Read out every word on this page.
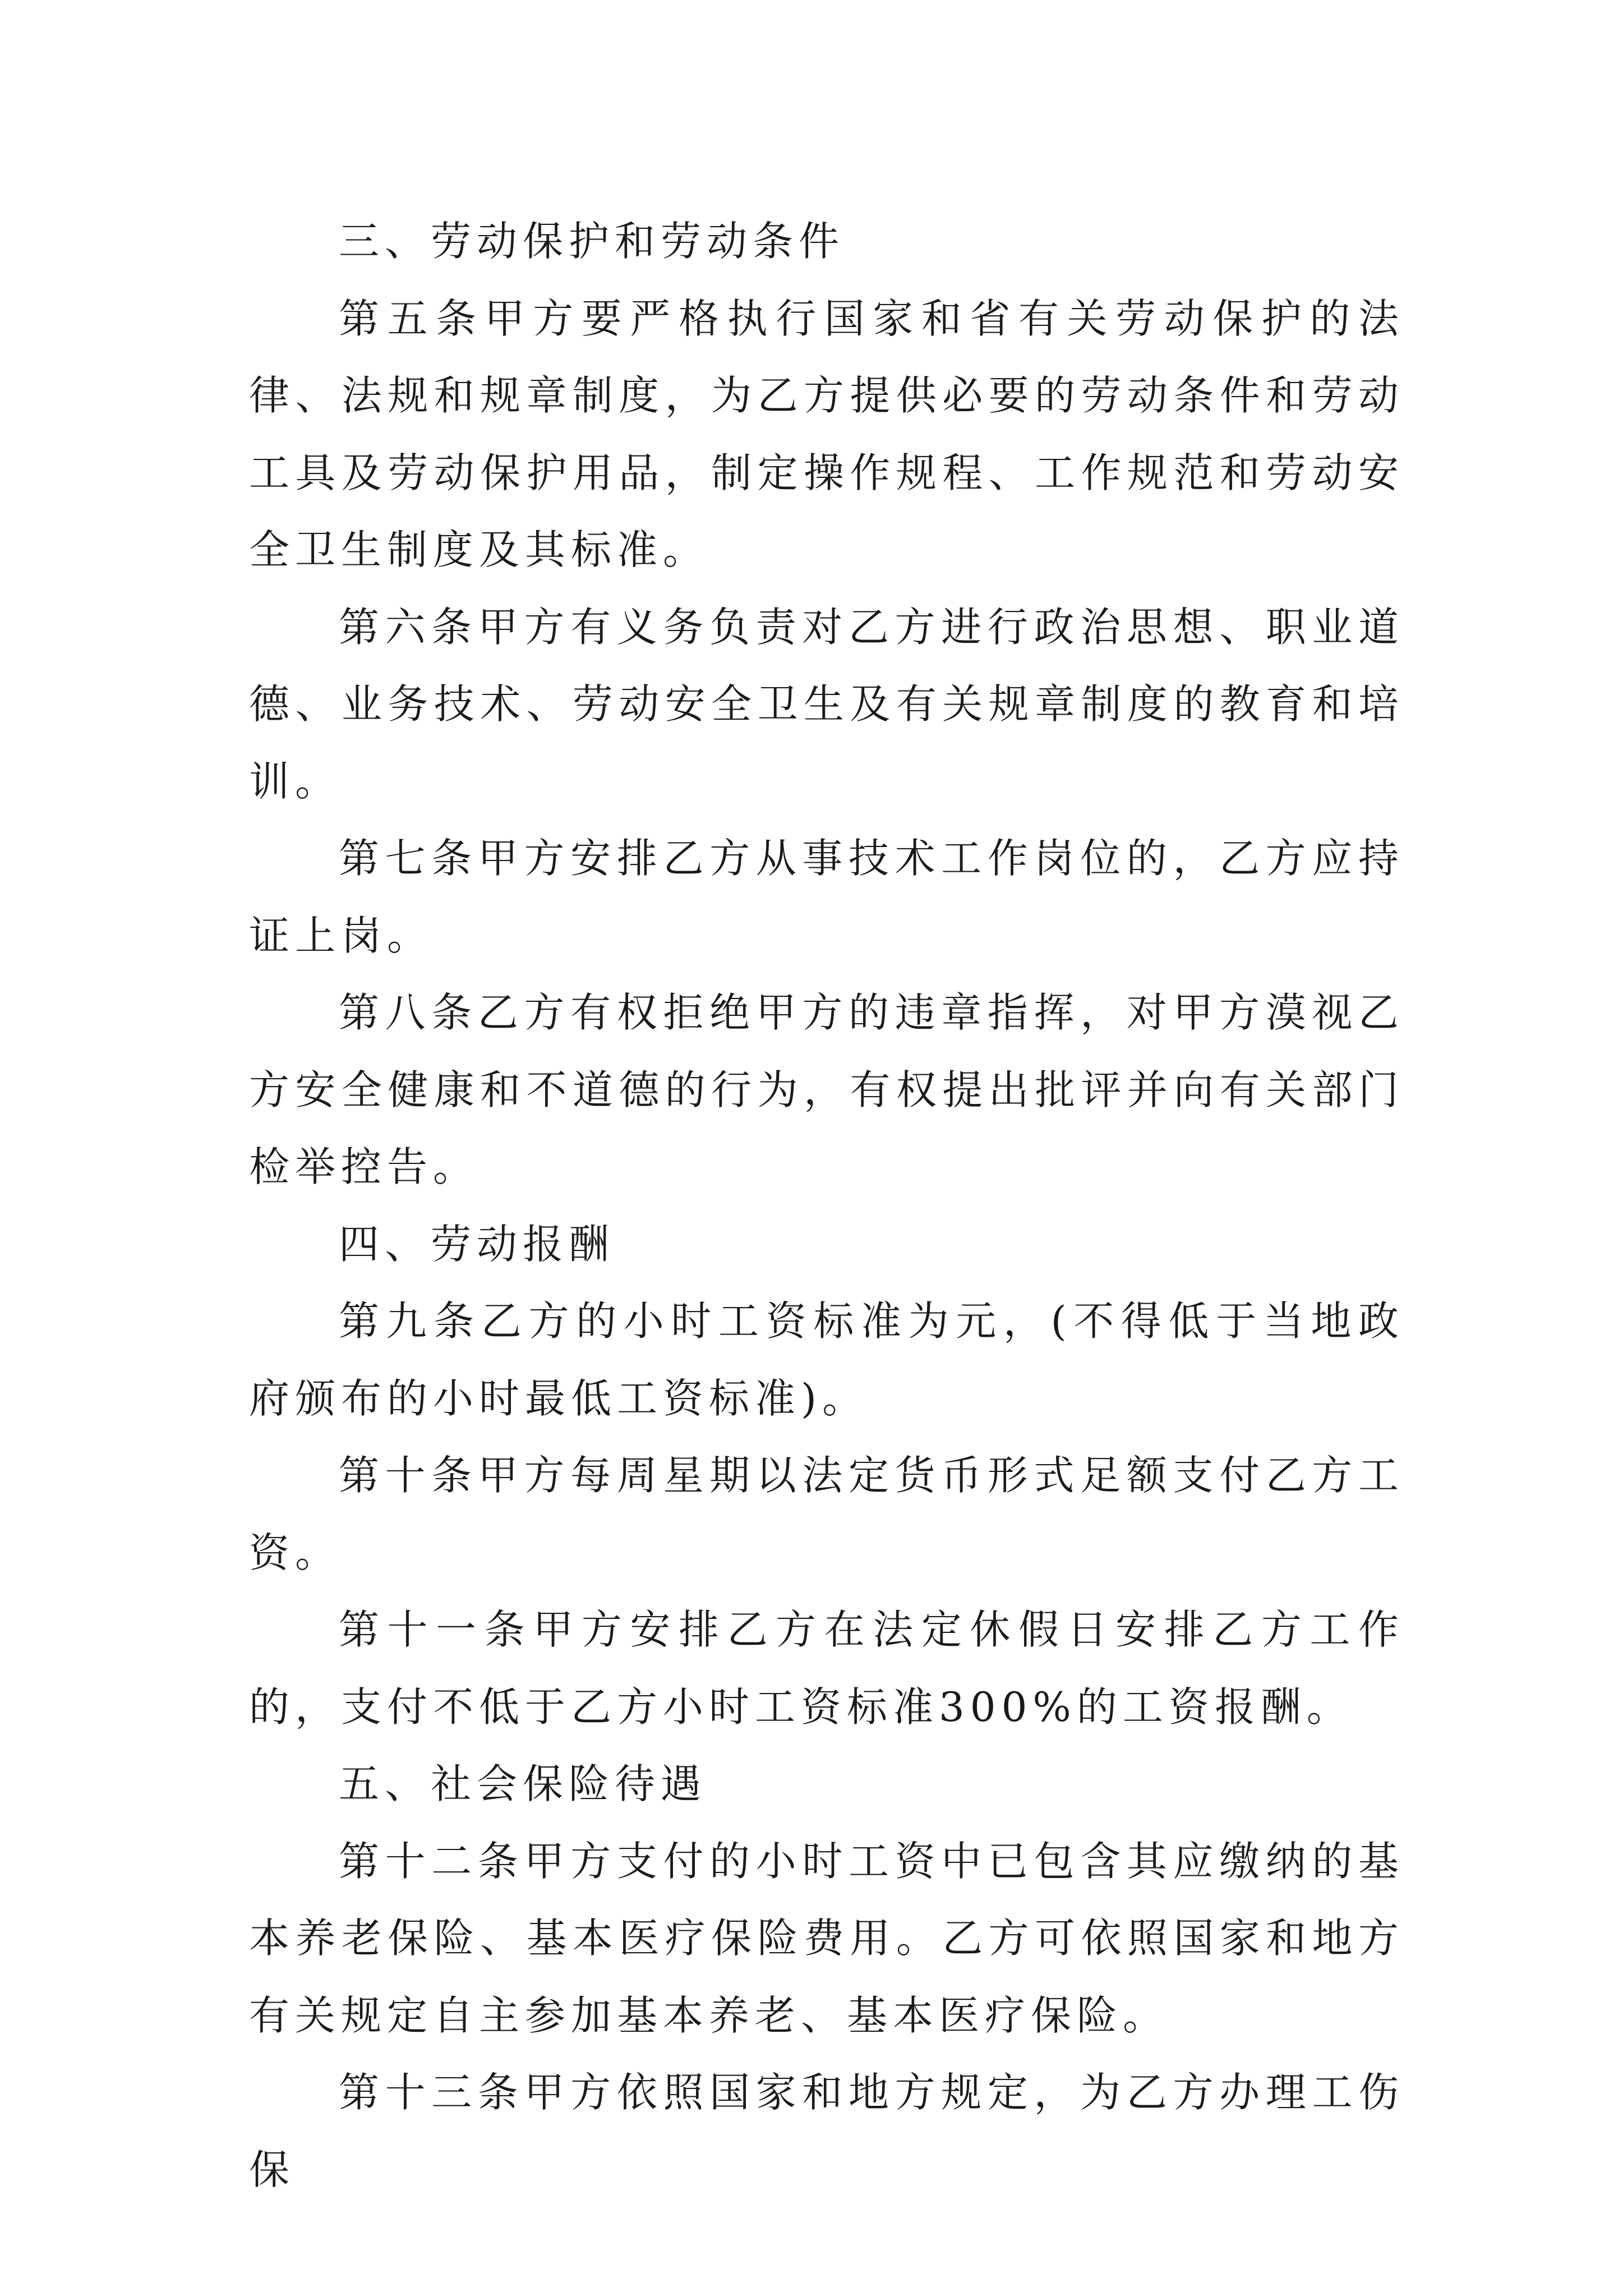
三、劳动保护和劳动条件

第五条甲方要严格执行国家和省有关劳动保护的法律、法规和规章制度，为乙方提供必要的劳动条件和劳动工具及劳动保护用品，制定操作规程、工作规范和劳动安全卫生制度及其标准。

第六条甲方有义务负责对乙方进行政治思想、职业道德、业务技术、劳动安全卫生及有关规章制度的教育和培训。

第七条甲方安排乙方从事技术工作岗位的，乙方应持证上岗。

第八条乙方有权拒绝甲方的违章指挥，对甲方漠视乙方安全健康和不道德的行为，有权提出批评并向有关部门检举控告。

四、劳动报酬

第九条乙方的小时工资标准为元，(不得低于当地政府颁布的小时最低工资标准)。

第十条甲方每周星期以法定货币形式足额支付乙方工资。

第十一条甲方安排乙方在法定休假日安排乙方工作的，支付不低于乙方小时工资标准300%的工资报酬。

五、社会保险待遇

第十二条甲方支付的小时工资中已包含其应缴纳的基本养老保险、基本医疗保险费用。乙方可依照国家和地方有关规定自主参加基本养老、基本医疗保险。

第十三条甲方依照国家和地方规定，为乙方办理工伤保
